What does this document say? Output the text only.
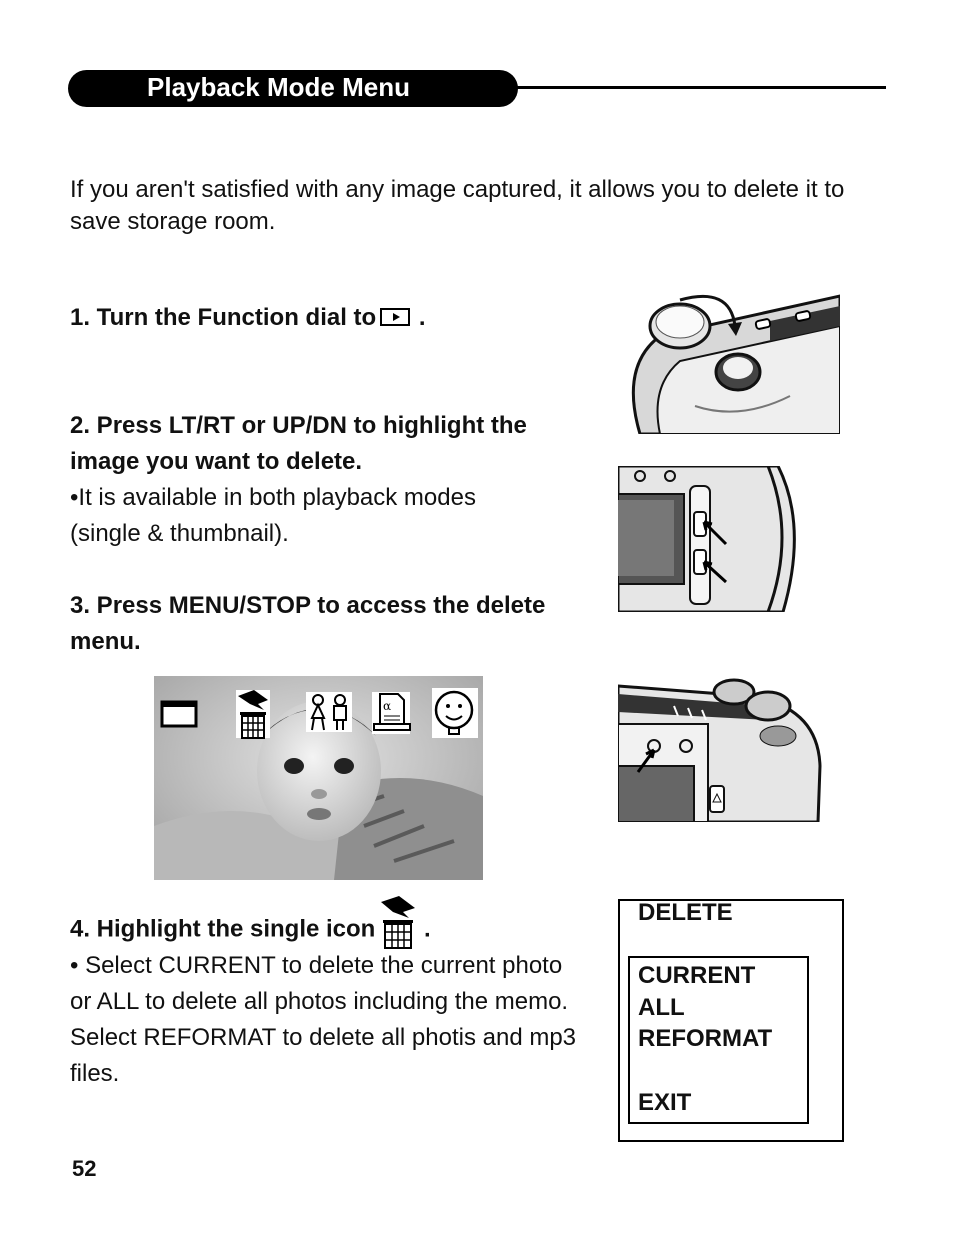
Playback Mode Menu
If you aren't satisfied with any image captured, it allows you to delete it to save storage room.
1. Turn the Function dial to .
2. Press LT/RT or UP/DN to highlight the image you want to delete.
•It is available in both playback modes (single & thumbnail).
3. Press MENU/STOP to access the delete menu.
α
4. Highlight the single icon .
• Select CURRENT to delete the current photo or ALL to delete all photos including the memo. Select REFORMAT to delete all photis and mp3 files.
DELETE
CURRENT
ALL
REFORMAT
EXIT
52
